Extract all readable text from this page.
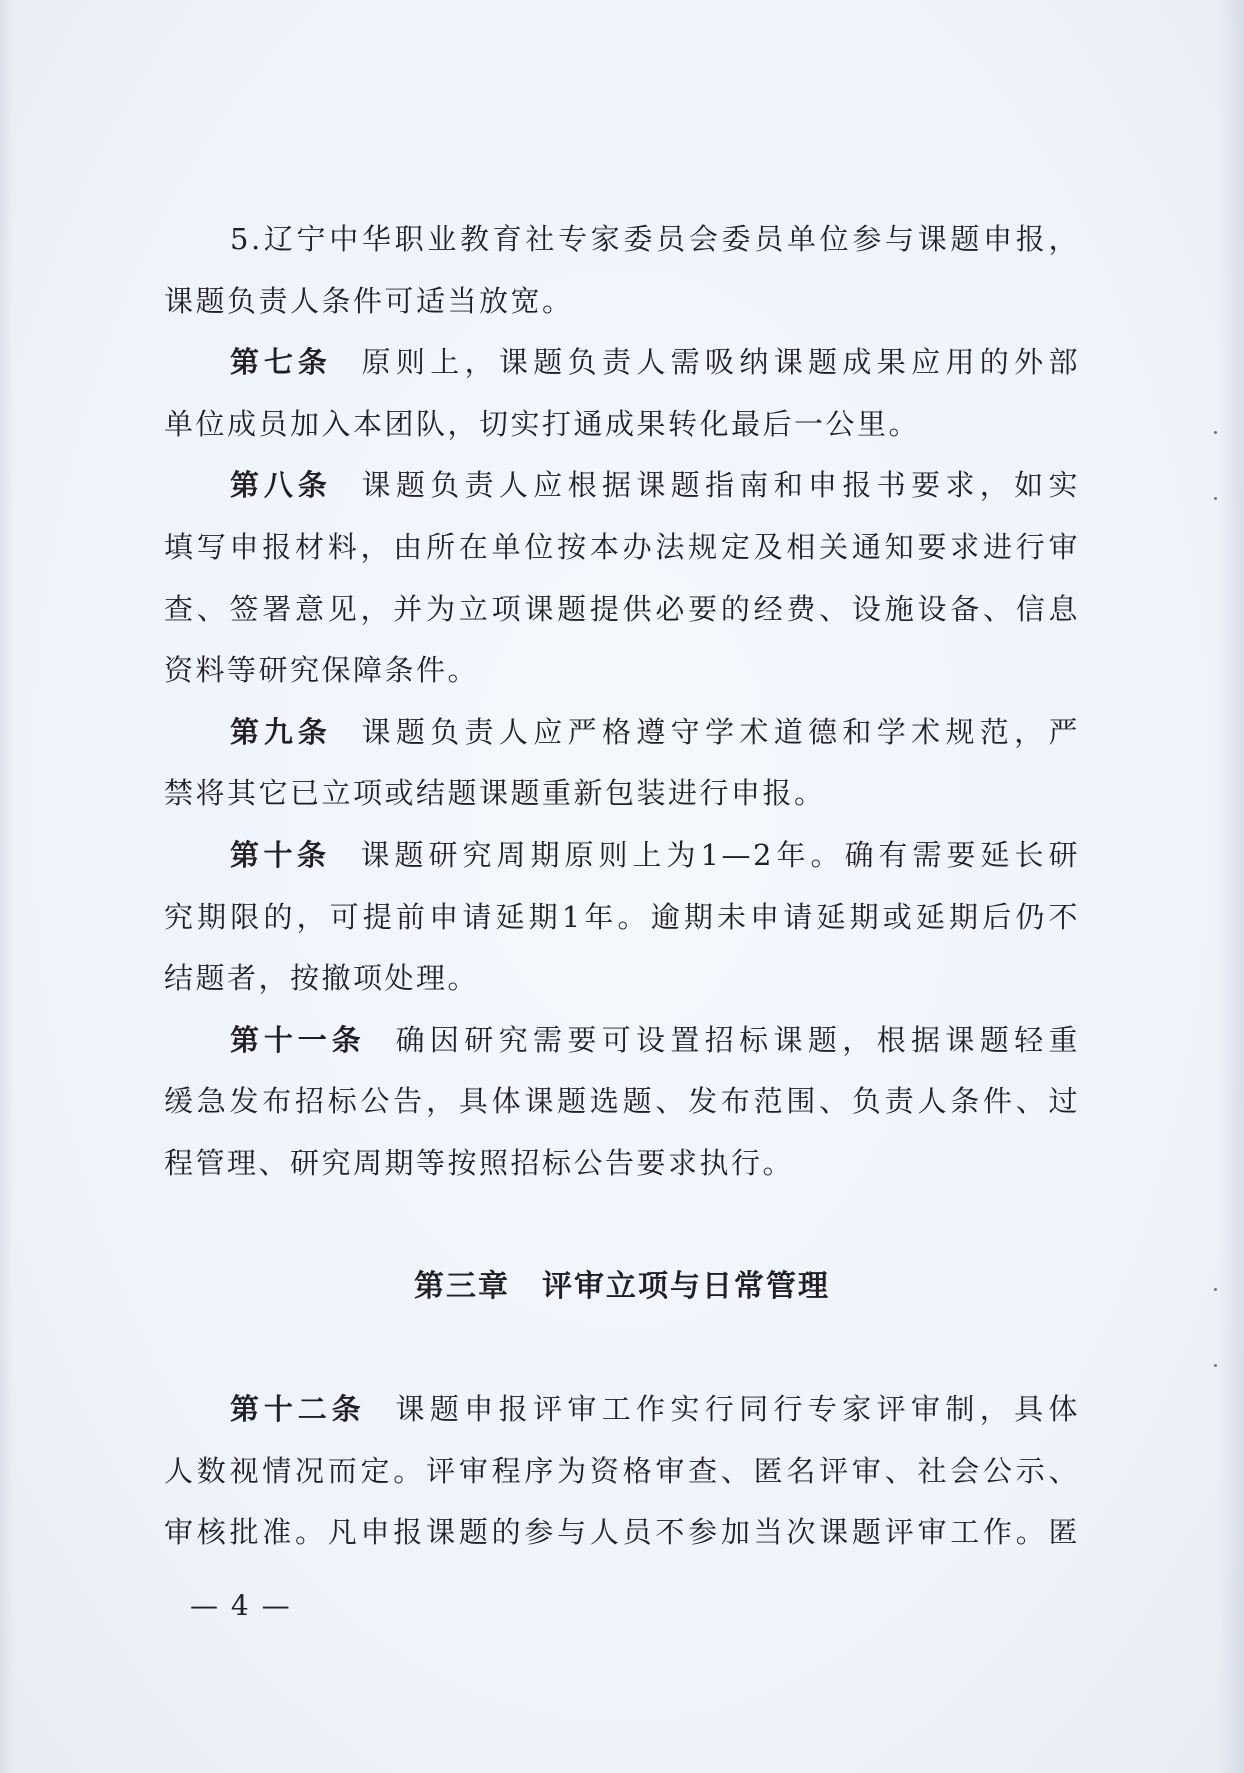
5.辽宁中华职业教育社专家委员会委员单位参与课题申报，
课题负责人条件可适当放宽。
第七条 原则上，课题负责人需吸纳课题成果应用的外部
单位成员加入本团队，切实打通成果转化最后一公里。
第八条 课题负责人应根据课题指南和申报书要求，如实
填写申报材料，由所在单位按本办法规定及相关通知要求进行审
查、签署意见，并为立项课题提供必要的经费、设施设备、信息
资料等研究保障条件。
第九条 课题负责人应严格遵守学术道德和学术规范，严
禁将其它已立项或结题课题重新包装进行申报。
第十条 课题研究周期原则上为1—2年。确有需要延长研
究期限的，可提前申请延期1年。逾期未申请延期或延期后仍不
结题者，按撤项处理。
第十一条 确因研究需要可设置招标课题，根据课题轻重
缓急发布招标公告，具体课题选题、发布范围、负责人条件、过
程管理、研究周期等按照招标公告要求执行。
第三章　评审立项与日常管理
第十二条 课题申报评审工作实行同行专家评审制，具体
人数视情况而定。评审程序为资格审查、匿名评审、社会公示、
审核批准。凡申报课题的参与人员不参加当次课题评审工作。匿
— 4 —
